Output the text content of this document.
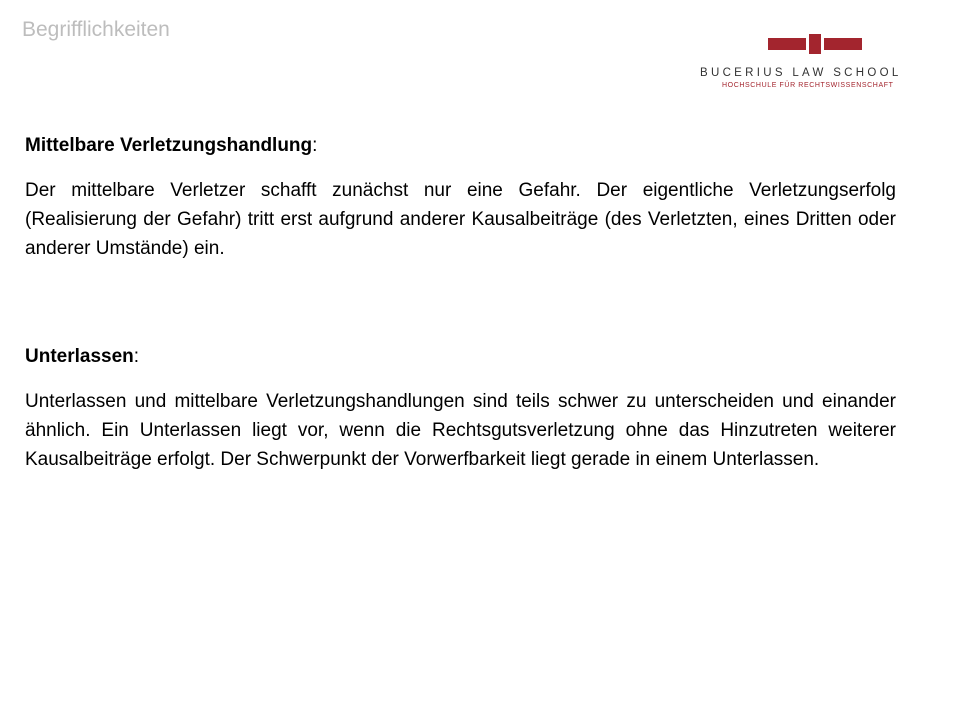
Begrifflichkeiten
BUCERIUS LAW SCHOOL
HOCHSCHULE FÜR RECHTSWISSENSCHAFT

Mittelbare Verletzungshandlung:

Der mittelbare Verletzer schafft zunächst nur eine Gefahr. Der eigentliche Verletzungserfolg (Realisierung der Gefahr) tritt erst aufgrund anderer Kausalbeiträge (des Verletzten, eines Dritten oder anderer Umstände) ein.

Unterlassen:

Unterlassen und mittelbare Verletzungshandlungen sind teils schwer zu unterscheiden und einander ähnlich. Ein Unterlassen liegt vor, wenn die Rechtsgutsverletzung ohne das Hinzutreten weiterer Kausalbeiträge erfolgt. Der Schwerpunkt der Vorwerfbarkeit liegt gerade in einem Unterlassen.
